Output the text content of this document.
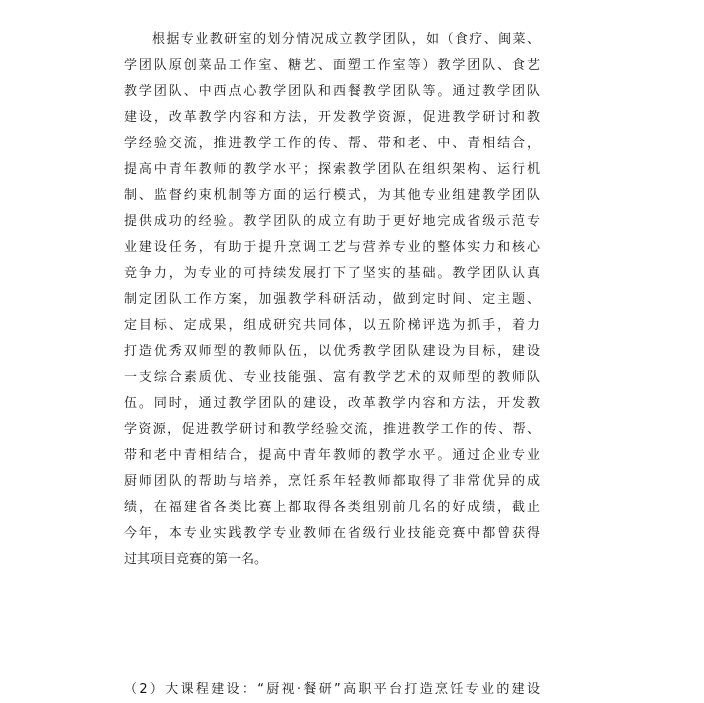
根据专业教研室的划分情况成立教学团队，如（食疗、闽菜、
学团队原创菜品工作室、糖艺、面塑工作室等）教学团队、食艺
教学团队、中西点心教学团队和西餐教学团队等。通过教学团队
建设，改革教学内容和方法，开发教学资源，促进教学研讨和教
学经验交流，推进教学工作的传、帮、带和老、中、青相结合，
提高中青年教师的教学水平；探索教学团队在组织架构、运行机
制、监督约束机制等方面的运行模式，为其他专业组建教学团队
提供成功的经验。教学团队的成立有助于更好地完成省级示范专
业建设任务，有助于提升烹调工艺与营养专业的整体实力和核心
竞争力，为专业的可持续发展打下了坚实的基础。教学团队认真
制定团队工作方案，加强教学科研活动，做到定时间、定主题、
定目标、定成果，组成研究共同体，以五阶梯评选为抓手，着力
打造优秀双师型的教师队伍，以优秀教学团队建设为目标，建设
一支综合素质优、专业技能强、富有教学艺术的双师型的教师队
伍。同时，通过教学团队的建设，改革教学内容和方法，开发教
学资源，促进教学研讨和教学经验交流，推进教学工作的传、帮、
带和老中青相结合，提高中青年教师的教学水平。通过企业专业
厨师团队的帮助与培养，烹饪系年轻教师都取得了非常优异的成
绩，在福建省各类比赛上都取得各类组别前几名的好成绩，截止
今年，本专业实践教学专业教师在省级行业技能竞赛中都曾获得
过其项目竞赛的第一名。
（2）大课程建设：“厨视·餐研”高职平台打造烹饪专业的建设
